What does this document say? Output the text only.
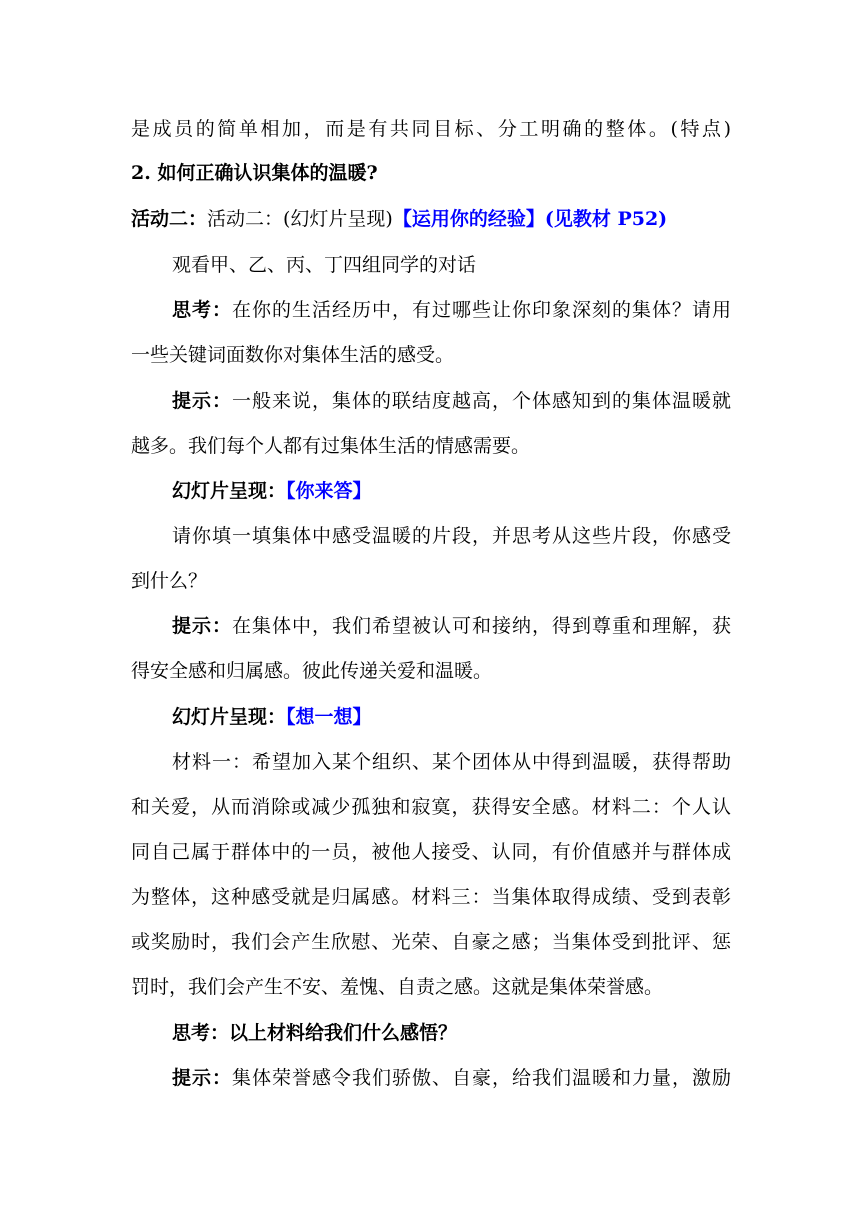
是成员的简单相加，而是有共同目标、分工明确的整体。(特点)
2. 如何正确认识集体的温暖?
活动二：活动二：(幻灯片呈现)【运用你的经验】(见教材 P52)
观看甲、乙、丙、丁四组同学的对话
思考：在你的生活经历中，有过哪些让你印象深刻的集体？请用
一些关键词面数你对集体生活的感受。
提示：一般来说，集体的联结度越高，个体感知到的集体温暖就
越多。我们每个人都有过集体生活的情感需要。
幻灯片呈现：【你来答】
请你填一填集体中感受温暖的片段，并思考从这些片段，你感受
到什么？
提示：在集体中，我们希望被认可和接纳，得到尊重和理解，获
得安全感和归属感。彼此传递关爱和温暖。
幻灯片呈现：【想一想】
材料一：希望加入某个组织、某个团体从中得到温暖，获得帮助
和关爱，从而消除或减少孤独和寂寞，获得安全感。材料二：个人认
同自己属于群体中的一员，被他人接受、认同，有价值感并与群体成
为整体，这种感受就是归属感。材料三：当集体取得成绩、受到表彰
或奖励时，我们会产生欣慰、光荣、自豪之感；当集体受到批评、惩
罚时，我们会产生不安、羞愧、自责之感。这就是集体荣誉感。
思考：以上材料给我们什么感悟？
提示：集体荣誉感令我们骄傲、自豪，给我们温暖和力量，激励
